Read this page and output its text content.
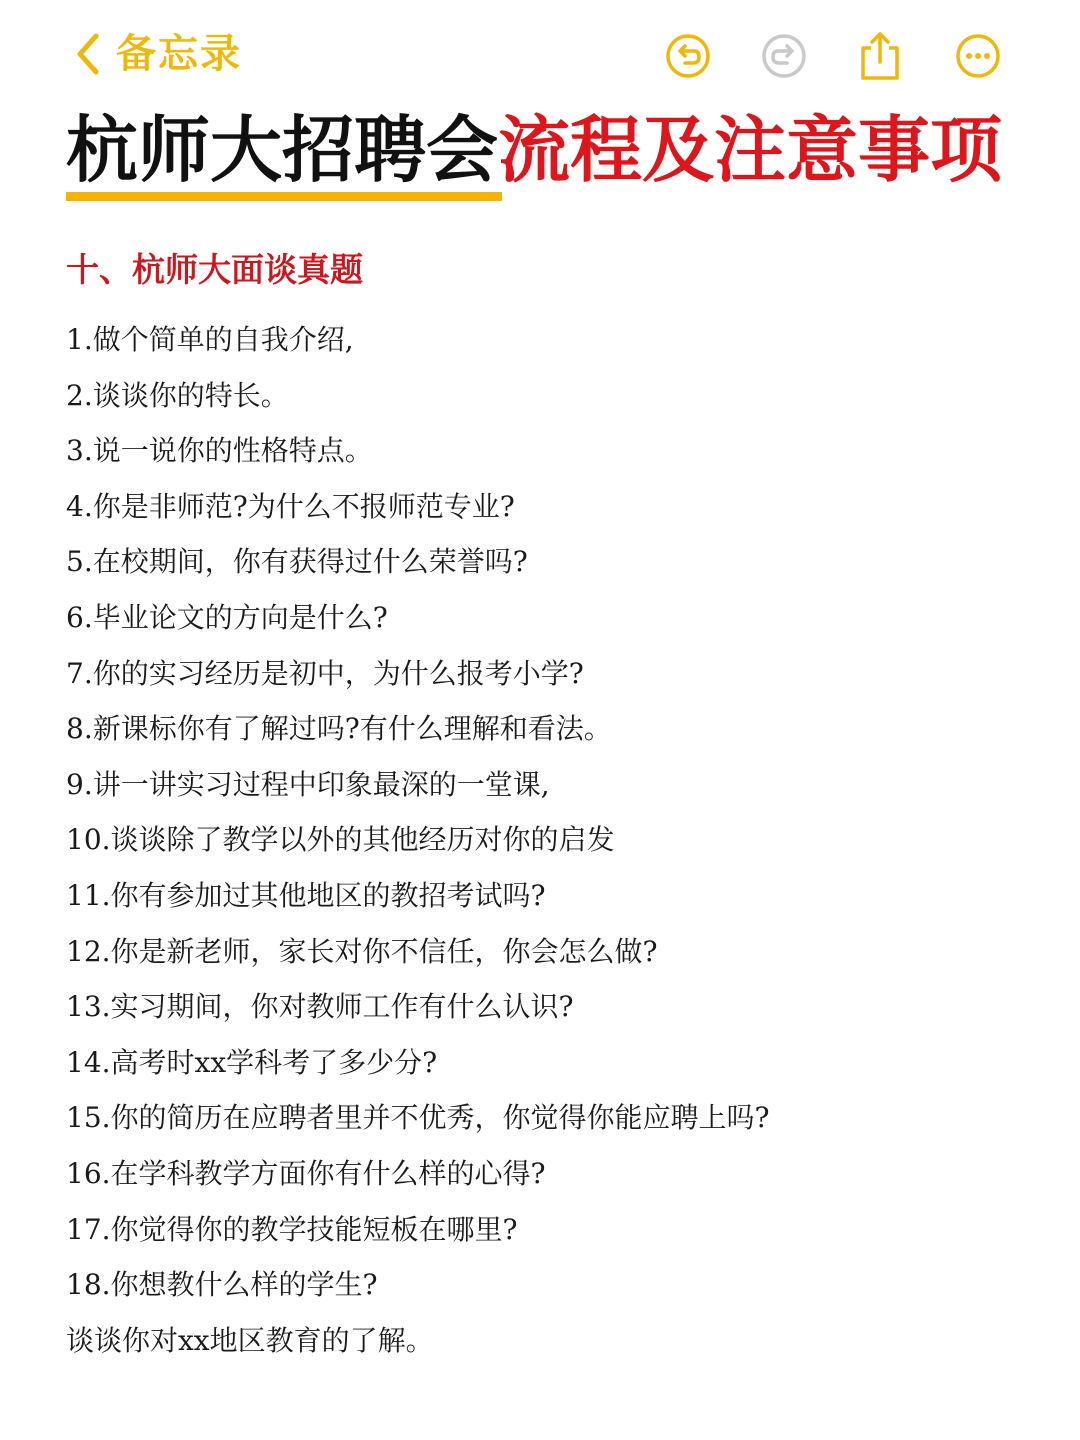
备忘录
杭师大招聘会流程及注意事项
十、杭师大面谈真题
1.做个简单的自我介绍,
2.谈谈你的特长。
3.说一说你的性格特点。
4.你是非师范?为什么不报师范专业?
5.在校期间，你有获得过什么荣誉吗?
6.毕业论文的方向是什么?
7.你的实习经历是初中，为什么报考小学?
8.新课标你有了解过吗?有什么理解和看法。
9.讲一讲实习过程中印象最深的一堂课,
10.谈谈除了教学以外的其他经历对你的启发
11.你有参加过其他地区的教招考试吗?
12.你是新老师，家长对你不信任，你会怎么做?
13.实习期间，你对教师工作有什么认识?
14.高考时xx学科考了多少分?
15.你的简历在应聘者里并不优秀，你觉得你能应聘上吗?
16.在学科教学方面你有什么样的心得?
17.你觉得你的教学技能短板在哪里?
18.你想教什么样的学生?
谈谈你对xx地区教育的了解。
